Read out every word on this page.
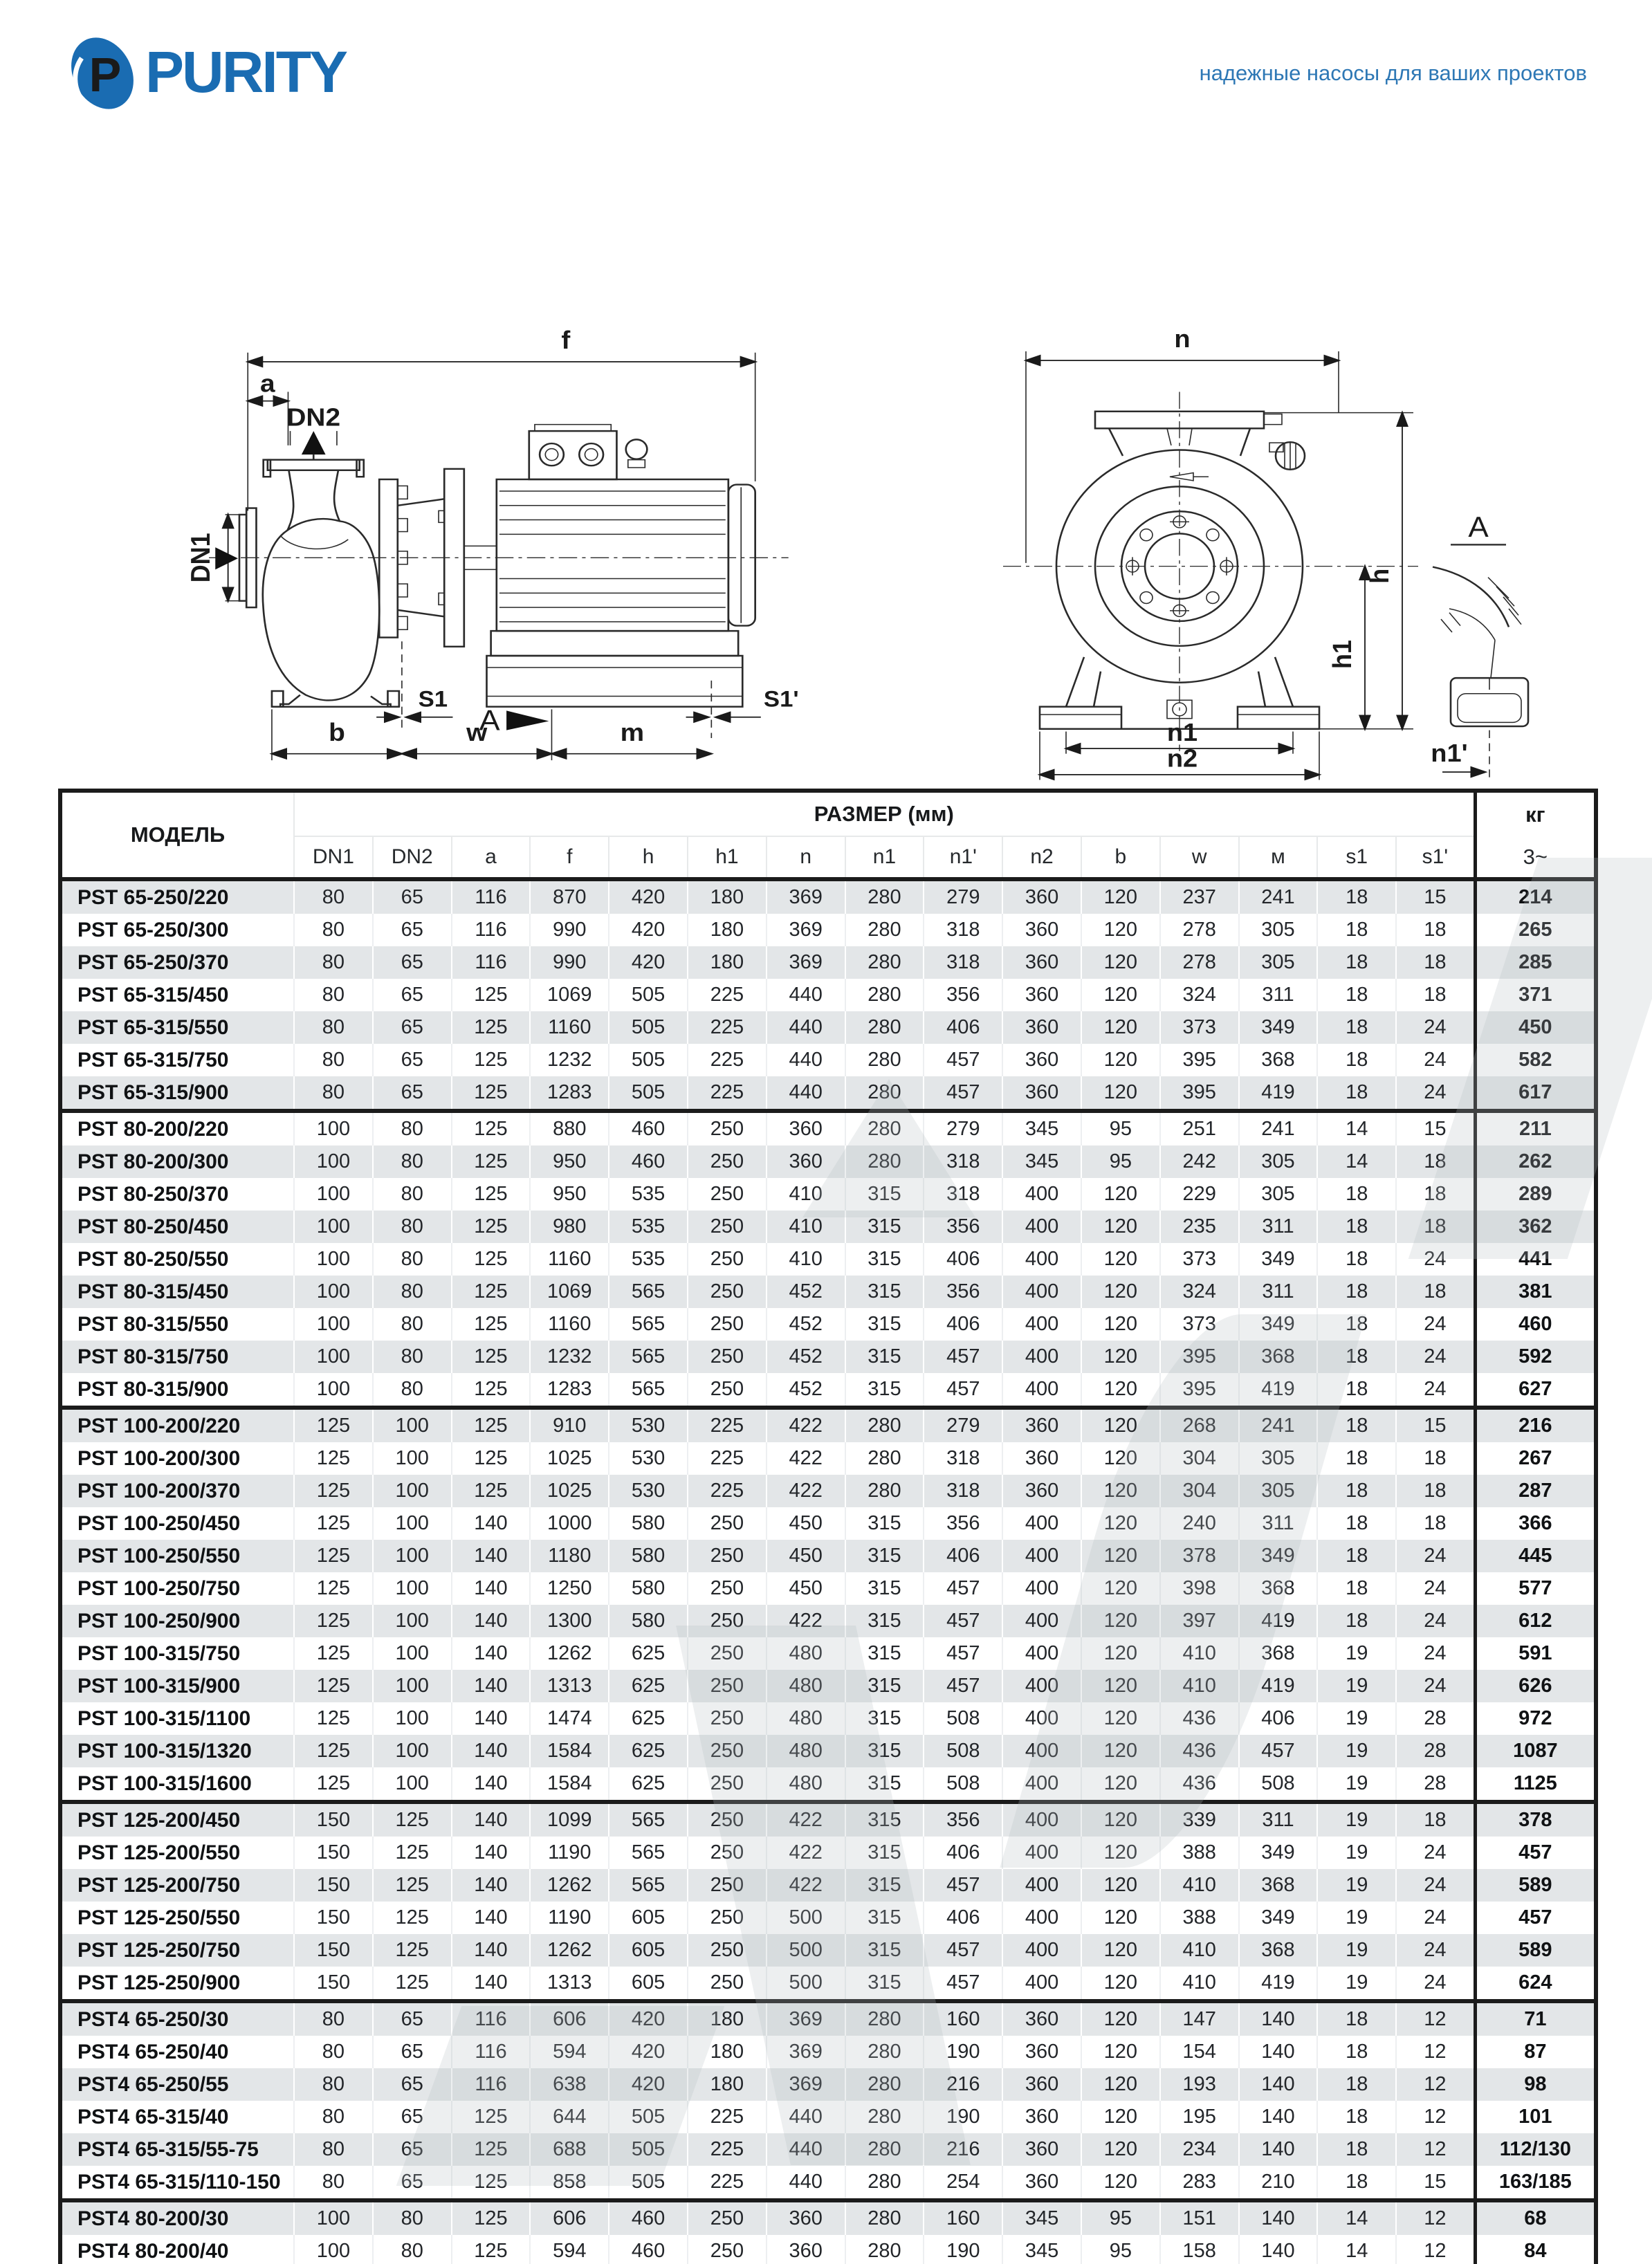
P PURITY	надежные насосы для ваших проектов
f
a
DN2
DN1
S1
A
S1'
b	w	m
n
h
h1
n1
n2
A
n1'
МОДЕЛЬ	РАЗМЕР (мм)															кг
	DN1	DN2	a	f	h	h1	n	n1	n1'	n2	b	w	м	s1	s1'	3~
PST 65-250/220	80	65	116	870	420	180	369	280	279	360	120	237	241	18	15	214
PST 65-250/300	80	65	116	990	420	180	369	280	318	360	120	278	305	18	18	265
PST 65-250/370	80	65	116	990	420	180	369	280	318	360	120	278	305	18	18	285
PST 65-315/450	80	65	125	1069	505	225	440	280	356	360	120	324	311	18	18	371
PST 65-315/550	80	65	125	1160	505	225	440	280	406	360	120	373	349	18	24	450
PST 65-315/750	80	65	125	1232	505	225	440	280	457	360	120	395	368	18	24	582
PST 65-315/900	80	65	125	1283	505	225	440	280	457	360	120	395	419	18	24	617
PST 80-200/220	100	80	125	880	460	250	360	280	279	345	95	251	241	14	15	211
PST 80-200/300	100	80	125	950	460	250	360	280	318	345	95	242	305	14	18	262
PST 80-250/370	100	80	125	950	535	250	410	315	318	400	120	229	305	18	18	289
PST 80-250/450	100	80	125	980	535	250	410	315	356	400	120	235	311	18	18	362
PST 80-250/550	100	80	125	1160	535	250	410	315	406	400	120	373	349	18	24	441
PST 80-315/450	100	80	125	1069	565	250	452	315	356	400	120	324	311	18	18	381
PST 80-315/550	100	80	125	1160	565	250	452	315	406	400	120	373	349	18	24	460
PST 80-315/750	100	80	125	1232	565	250	452	315	457	400	120	395	368	18	24	592
PST 80-315/900	100	80	125	1283	565	250	452	315	457	400	120	395	419	18	24	627
PST 100-200/220	125	100	125	910	530	225	422	280	279	360	120	268	241	18	15	216
PST 100-200/300	125	100	125	1025	530	225	422	280	318	360	120	304	305	18	18	267
PST 100-200/370	125	100	125	1025	530	225	422	280	318	360	120	304	305	18	18	287
PST 100-250/450	125	100	140	1000	580	250	450	315	356	400	120	240	311	18	18	366
PST 100-250/550	125	100	140	1180	580	250	450	315	406	400	120	378	349	18	24	445
PST 100-250/750	125	100	140	1250	580	250	450	315	457	400	120	398	368	18	24	577
PST 100-250/900	125	100	140	1300	580	250	422	315	457	400	120	397	419	18	24	612
PST 100-315/750	125	100	140	1262	625	250	480	315	457	400	120	410	368	19	24	591
PST 100-315/900	125	100	140	1313	625	250	480	315	457	400	120	410	419	19	24	626
PST 100-315/1100	125	100	140	1474	625	250	480	315	508	400	120	436	406	19	28	972
PST 100-315/1320	125	100	140	1584	625	250	480	315	508	400	120	436	457	19	28	1087
PST 100-315/1600	125	100	140	1584	625	250	480	315	508	400	120	436	508	19	28	1125
PST 125-200/450	150	125	140	1099	565	250	422	315	356	400	120	339	311	19	18	378
PST 125-200/550	150	125	140	1190	565	250	422	315	406	400	120	388	349	19	24	457
PST 125-200/750	150	125	140	1262	565	250	422	315	457	400	120	410	368	19	24	589
PST 125-250/550	150	125	140	1190	605	250	500	315	406	400	120	388	349	19	24	457
PST 125-250/750	150	125	140	1262	605	250	500	315	457	400	120	410	368	19	24	589
PST 125-250/900	150	125	140	1313	605	250	500	315	457	400	120	410	419	19	24	624
PST4 65-250/30	80	65	116	606	420	180	369	280	160	360	120	147	140	18	12	71
PST4 65-250/40	80	65	116	594	420	180	369	280	190	360	120	154	140	18	12	87
PST4 65-250/55	80	65	116	638	420	180	369	280	216	360	120	193	140	18	12	98
PST4 65-315/40	80	65	125	644	505	225	440	280	190	360	120	195	140	18	12	101
PST4 65-315/55-75	80	65	125	688	505	225	440	280	216	360	120	234	140	18	12	112/130
PST4 65-315/110-150	80	65	125	858	505	225	440	280	254	360	120	283	210	18	15	163/185
PST4 80-200/30	100	80	125	606	460	250	360	280	160	345	95	151	140	14	12	68
PST4 80-200/40	100	80	125	594	460	250	360	280	190	345	95	158	140	14	12	84
